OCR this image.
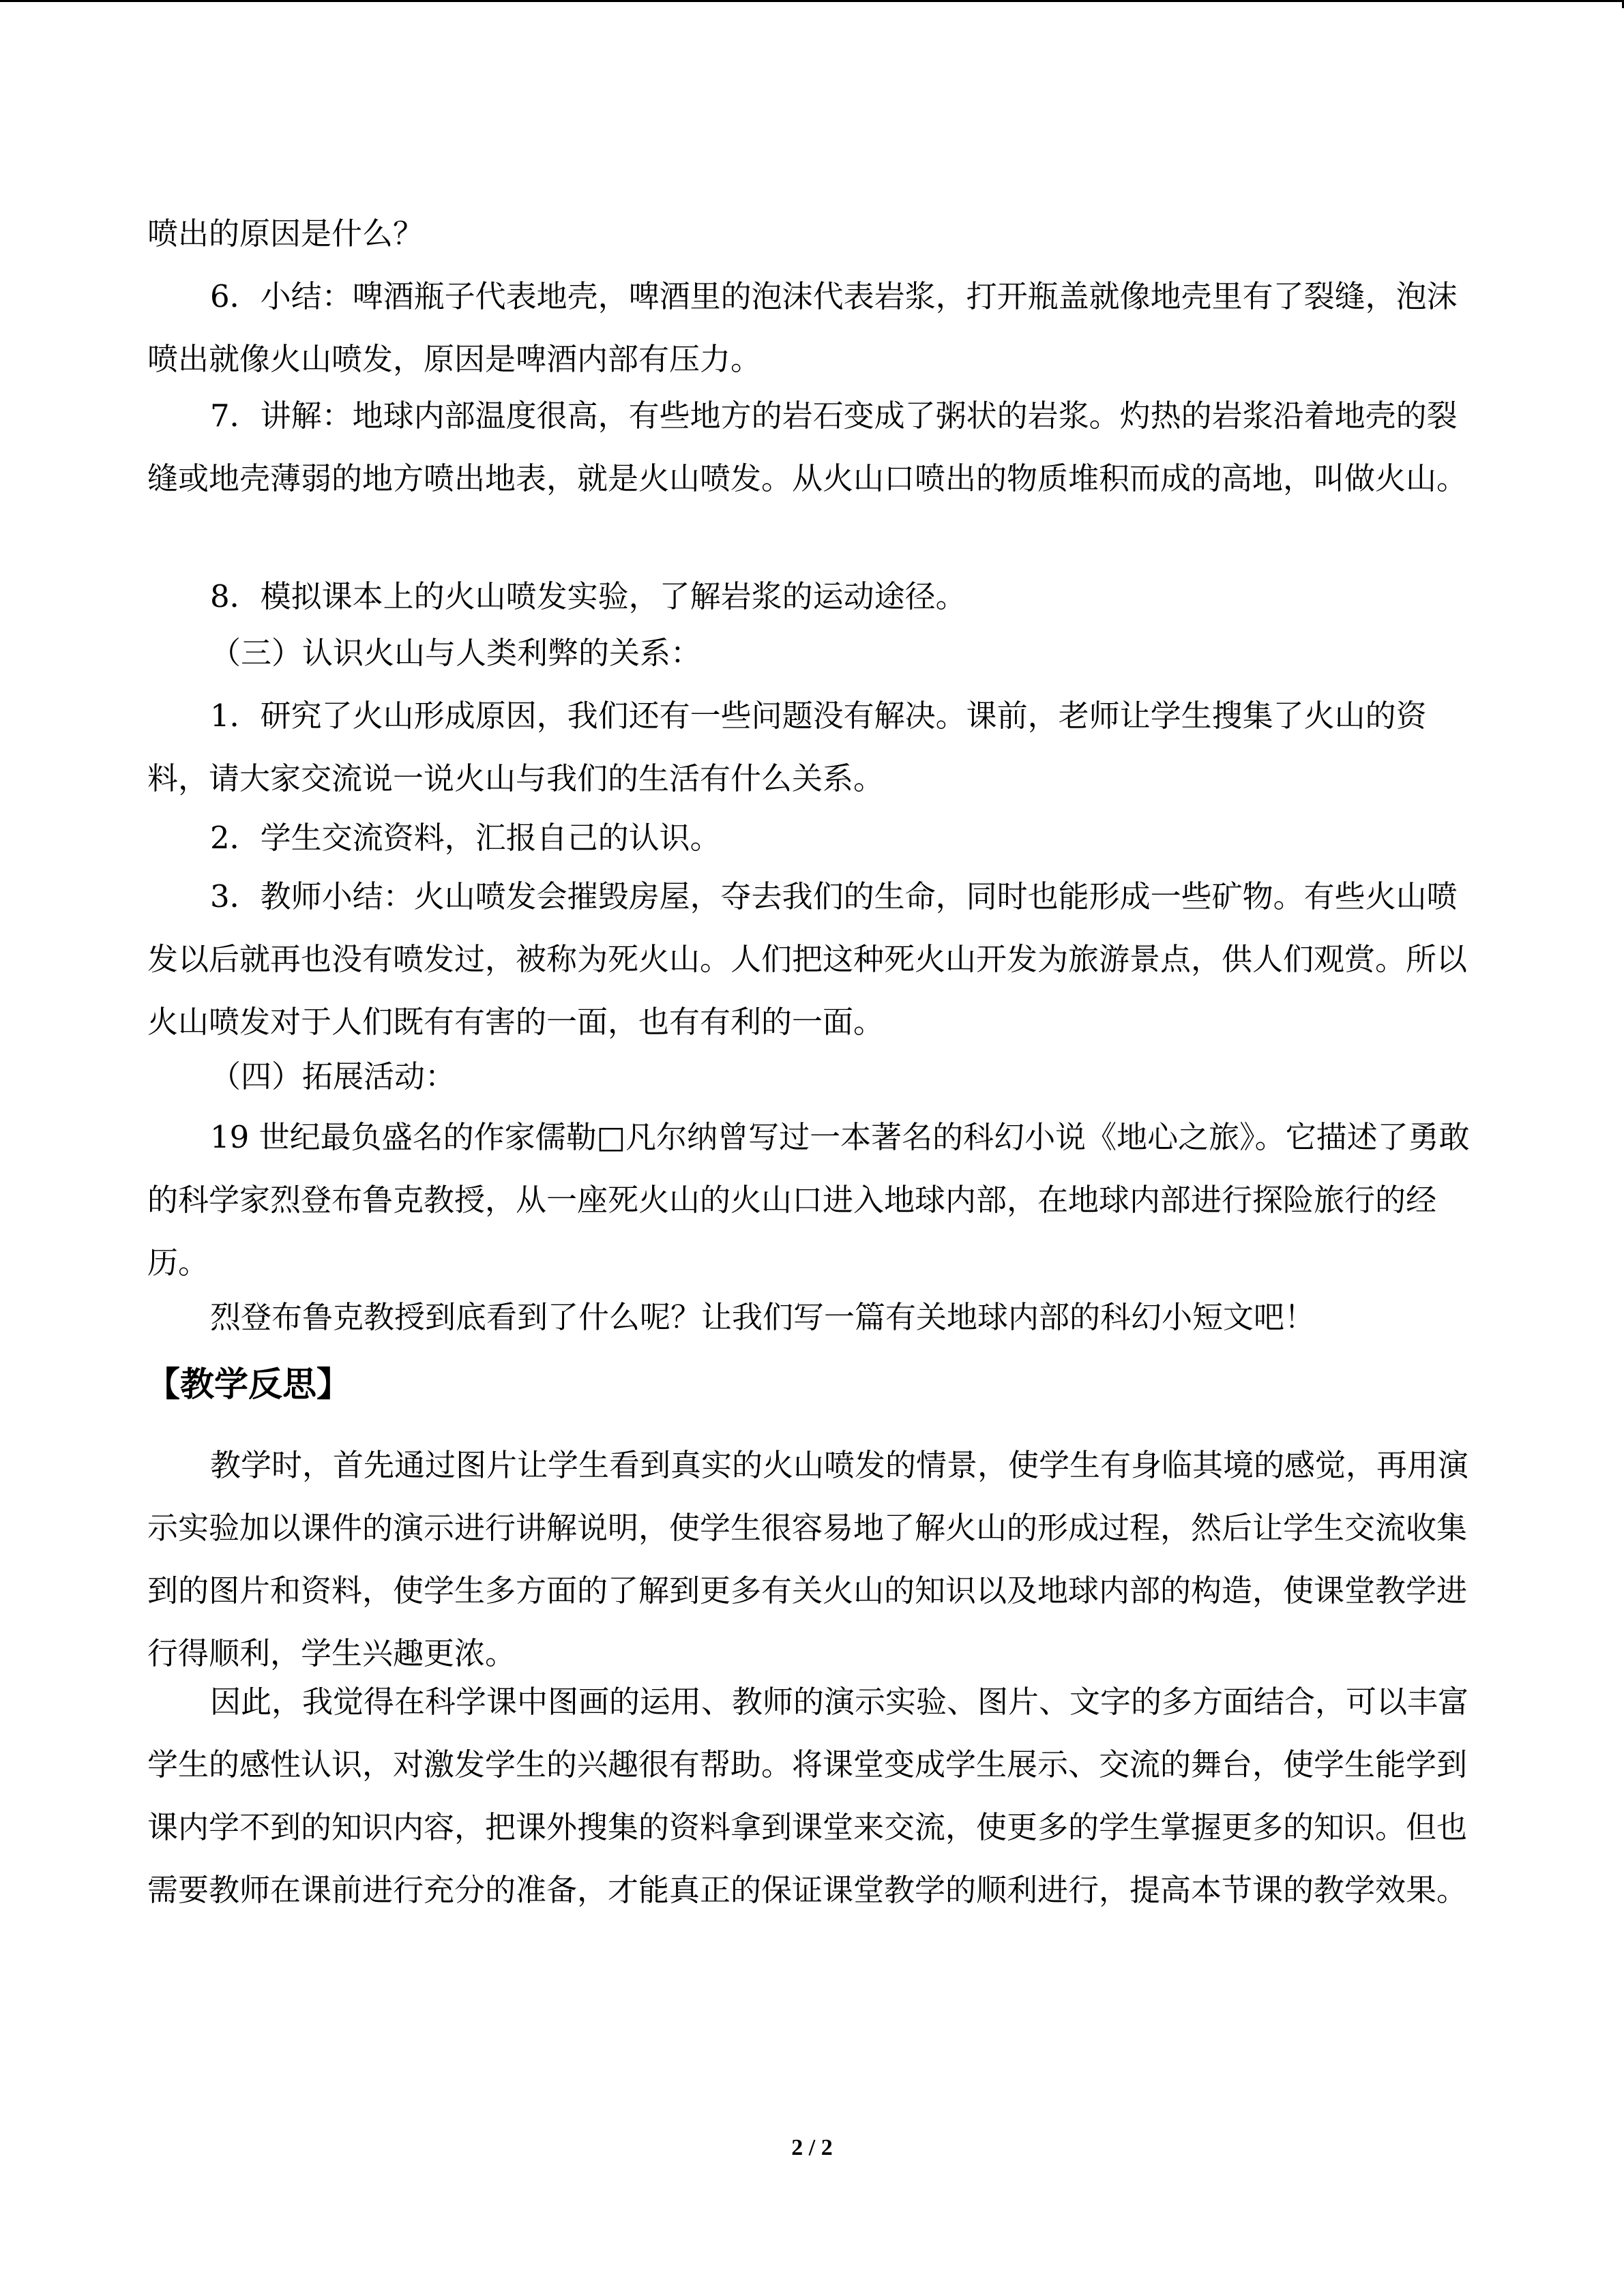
喷出的原因是什么？

6．小结：啤酒瓶子代表地壳，啤酒里的泡沫代表岩浆，打开瓶盖就像地壳里有了裂缝，泡沫喷出就像火山喷发，原因是啤酒内部有压力。

7．讲解：地球内部温度很高，有些地方的岩石变成了粥状的岩浆。灼热的岩浆沿着地壳的裂缝或地壳薄弱的地方喷出地表，就是火山喷发。从火山口喷出的物质堆积而成的高地，叫做火山。

8．模拟课本上的火山喷发实验，了解岩浆的运动途径。

（三）认识火山与人类利弊的关系：

1．研究了火山形成原因，我们还有一些问题没有解决。课前，老师让学生搜集了火山的资料，请大家交流说一说火山与我们的生活有什么关系。

2．学生交流资料，汇报自己的认识。

3．教师小结：火山喷发会摧毁房屋，夺去我们的生命，同时也能形成一些矿物。有些火山喷发以后就再也没有喷发过，被称为死火山。人们把这种死火山开发为旅游景点，供人们观赏。所以火山喷发对于人们既有有害的一面，也有有利的一面。

（四）拓展活动：

19 世纪最负盛名的作家儒勒□凡尔纳曾写过一本著名的科幻小说《地心之旅》。它描述了勇敢的科学家烈登布鲁克教授，从一座死火山的火山口进入地球内部，在地球内部进行探险旅行的经历。

烈登布鲁克教授到底看到了什么呢？让我们写一篇有关地球内部的科幻小短文吧！

【教学反思】

教学时，首先通过图片让学生看到真实的火山喷发的情景，使学生有身临其境的感觉，再用演示实验加以课件的演示进行讲解说明，使学生很容易地了解火山的形成过程，然后让学生交流收集到的图片和资料，使学生多方面的了解到更多有关火山的知识以及地球内部的构造，使课堂教学进行得顺利，学生兴趣更浓。

因此，我觉得在科学课中图画的运用、教师的演示实验、图片、文字的多方面结合，可以丰富学生的感性认识，对激发学生的兴趣很有帮助。将课堂变成学生展示、交流的舞台，使学生能学到课内学不到的知识内容，把课外搜集的资料拿到课堂来交流，使更多的学生掌握更多的知识。但也需要教师在课前进行充分的准备，才能真正的保证课堂教学的顺利进行，提高本节课的教学效果。

2 / 2
